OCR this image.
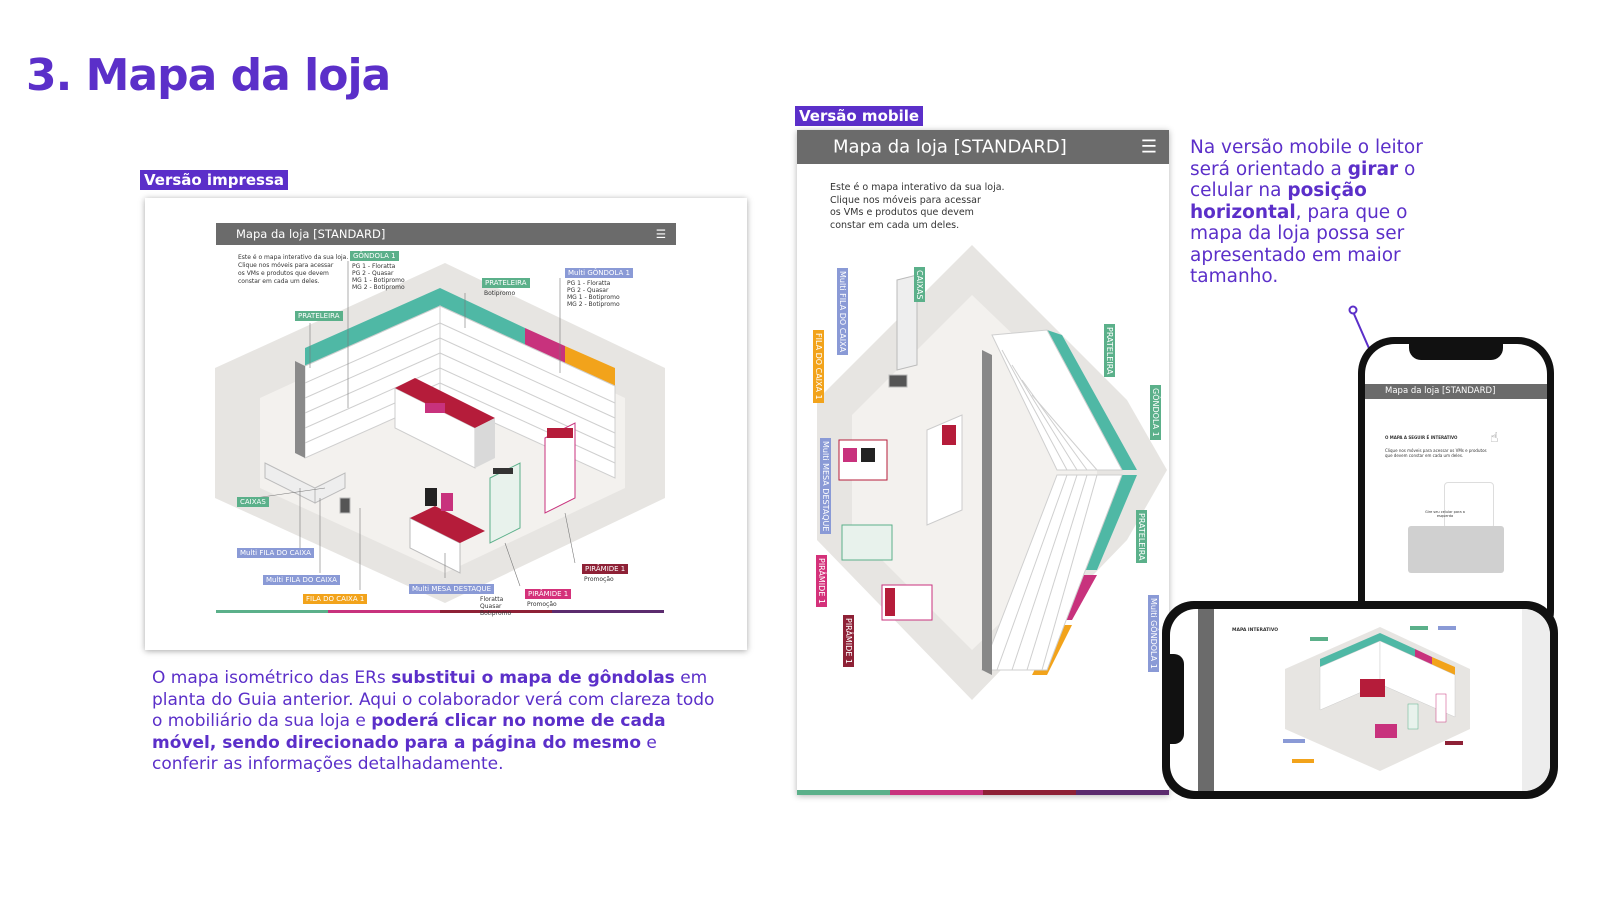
3. Mapa da loja
Versão impressa
Mapa da loja [STANDARD]	☰
Este é o mapa interativo da sua loja.
Clique nos móveis para acessar
os VMs e produtos que devem
constar em cada um deles.
GÔNDOLA 1
PG 1 - Floratta
PG 2 - Quasar
MG 1 - Botipromo
MG 2 - Botipromo
PRATELEIRA
Botipromo
PRATELEIRA
Multi GÔNDOLA 1
PG 1 - Floratta
PG 2 - Quasar
MG 1 - Botipromo
MG 2 - Botipromo
CAIXAS
Multi FILA DO CAIXA
Multi FILA DO CAIXA
FILA DO CAIXA 1
Multi MESA DESTAQUE
Floratta
Quasar
Botipromo
PIRÂMIDE 1
Promoção
PIRÂMIDE 1
Promoção

O mapa isométrico das ERs substitui o mapa de gôndolas em planta do Guia anterior. Aqui o colaborador verá com clareza todo o mobiliário da sua loja e poderá clicar no nome de cada móvel, sendo direcionado para a página do mesmo e conferir as informações detalhadamente.

Versão mobile
Mapa da loja [STANDARD]	☰
Este é o mapa interativo da sua loja.
Clique nos móveis para acessar
os VMs e produtos que devem
constar em cada um deles.
CAIXAS
Multi FILA DO CAIXA
FILA DO CAIXA 1	PRATELEIRA
GÔNDOLA 1
Multi MESA DESTAQUE
PRATELEIRA
PIRÂMIDE 1
PIRÂMIDE 1	Multi GÔNDOLA 1

Na versão mobile o leitor será orientado a girar o celular na posição horizontal, para que o mapa da loja possa ser apresentado em maior tamanho.

Mapa da loja [STANDARD]
O MAPA A SEGUIR É INTERATIVO
Clique nos móveis para acessar os VMs e produtos que devem constar em cada um deles.
☝
Gire seu celular para a esquerda
MAPA INTERATIVO
